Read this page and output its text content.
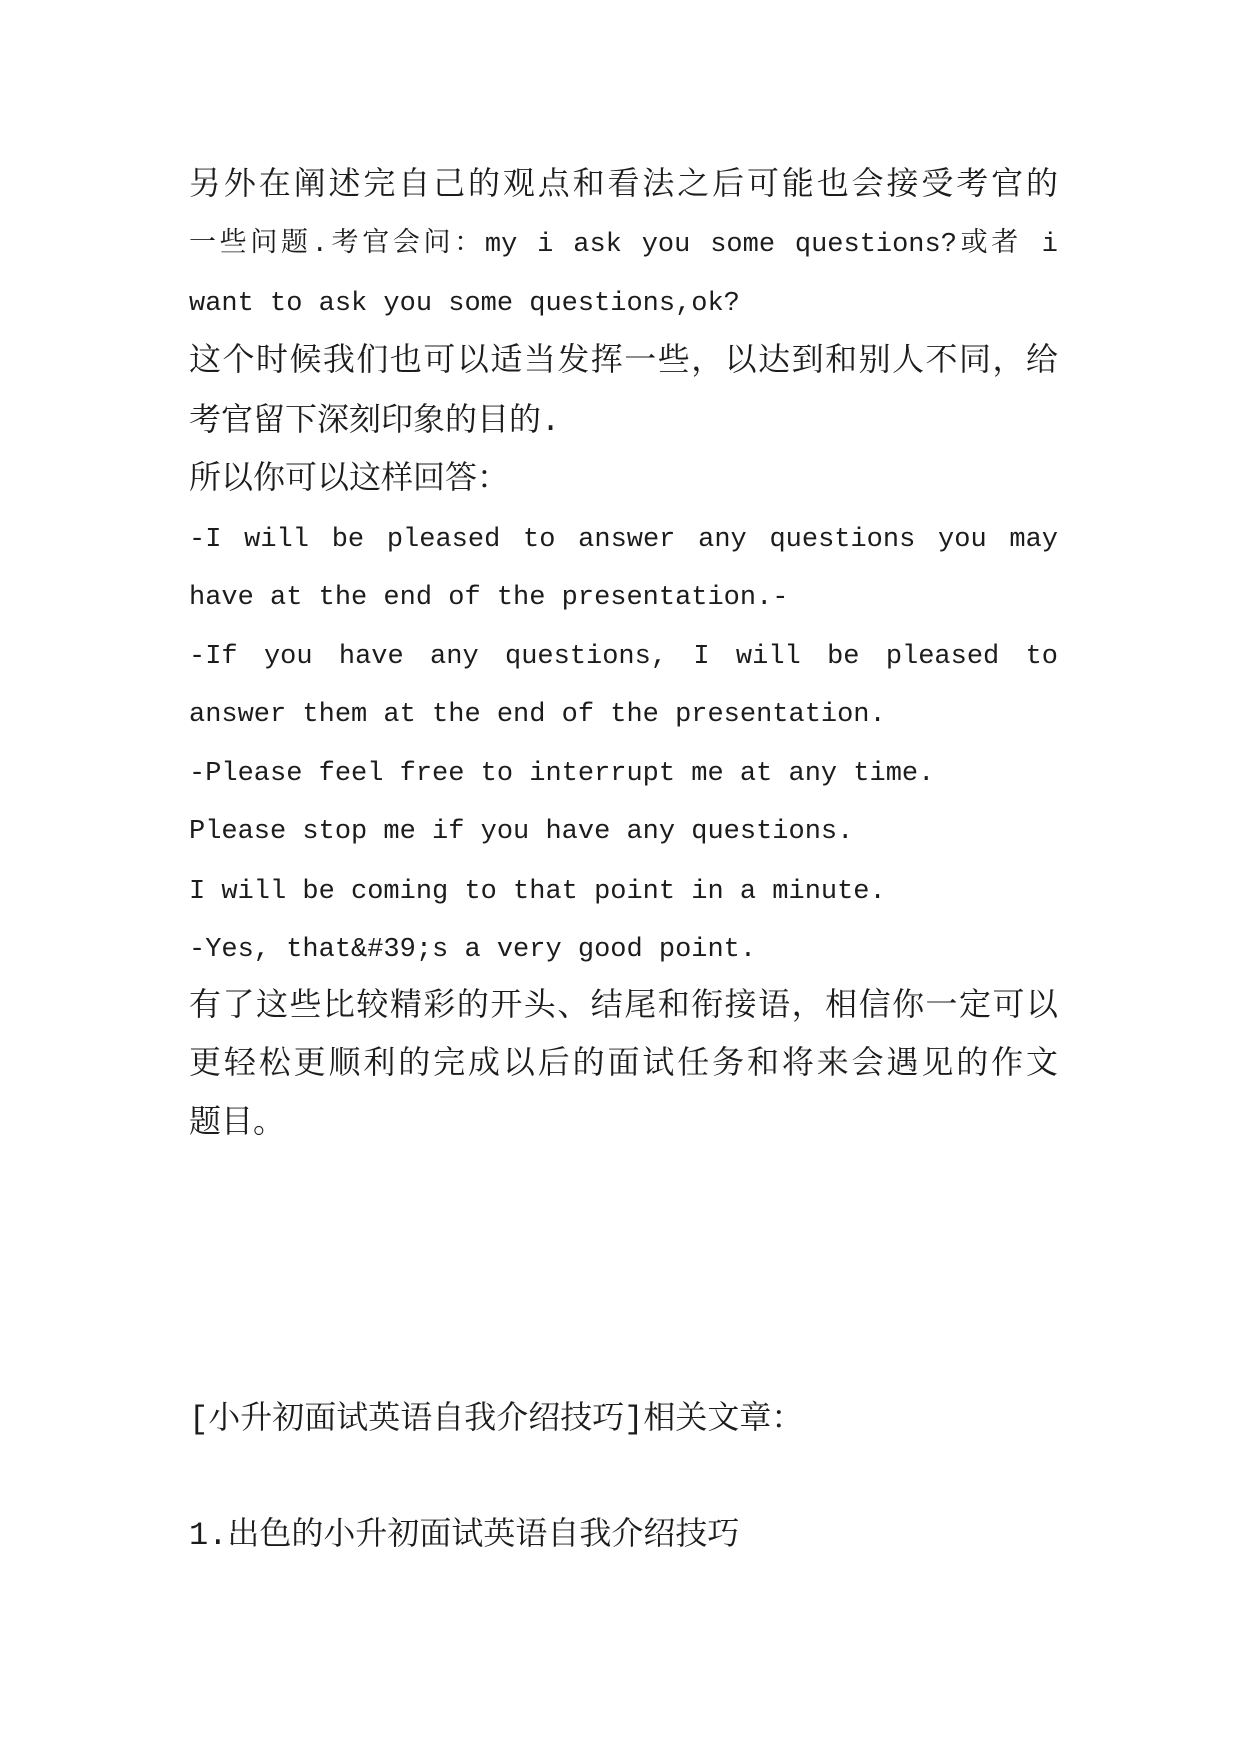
另外在阐述完自己的观点和看法之后可能也会接受考官的
一些问题.考官会问：my i ask you some questions?或者 i
want to ask you some questions,ok?
这个时候我们也可以适当发挥一些，以达到和别人不同，给
考官留下深刻印象的目的.
所以你可以这样回答：
-I will be pleased to answer any questions you may
have at the end of the presentation.-
-If you have any questions, I will be pleased to
answer them at the end of the presentation.
-Please feel free to interrupt me at any time.
Please stop me if you have any questions.
I will be coming to that point in a minute.
-Yes, that&#39;s a very good point.
有了这些比较精彩的开头、结尾和衔接语，相信你一定可以
更轻松更顺利的完成以后的面试任务和将来会遇见的作文
题目。
[小升初面试英语自我介绍技巧]相关文章：
1.出色的小升初面试英语自我介绍技巧
